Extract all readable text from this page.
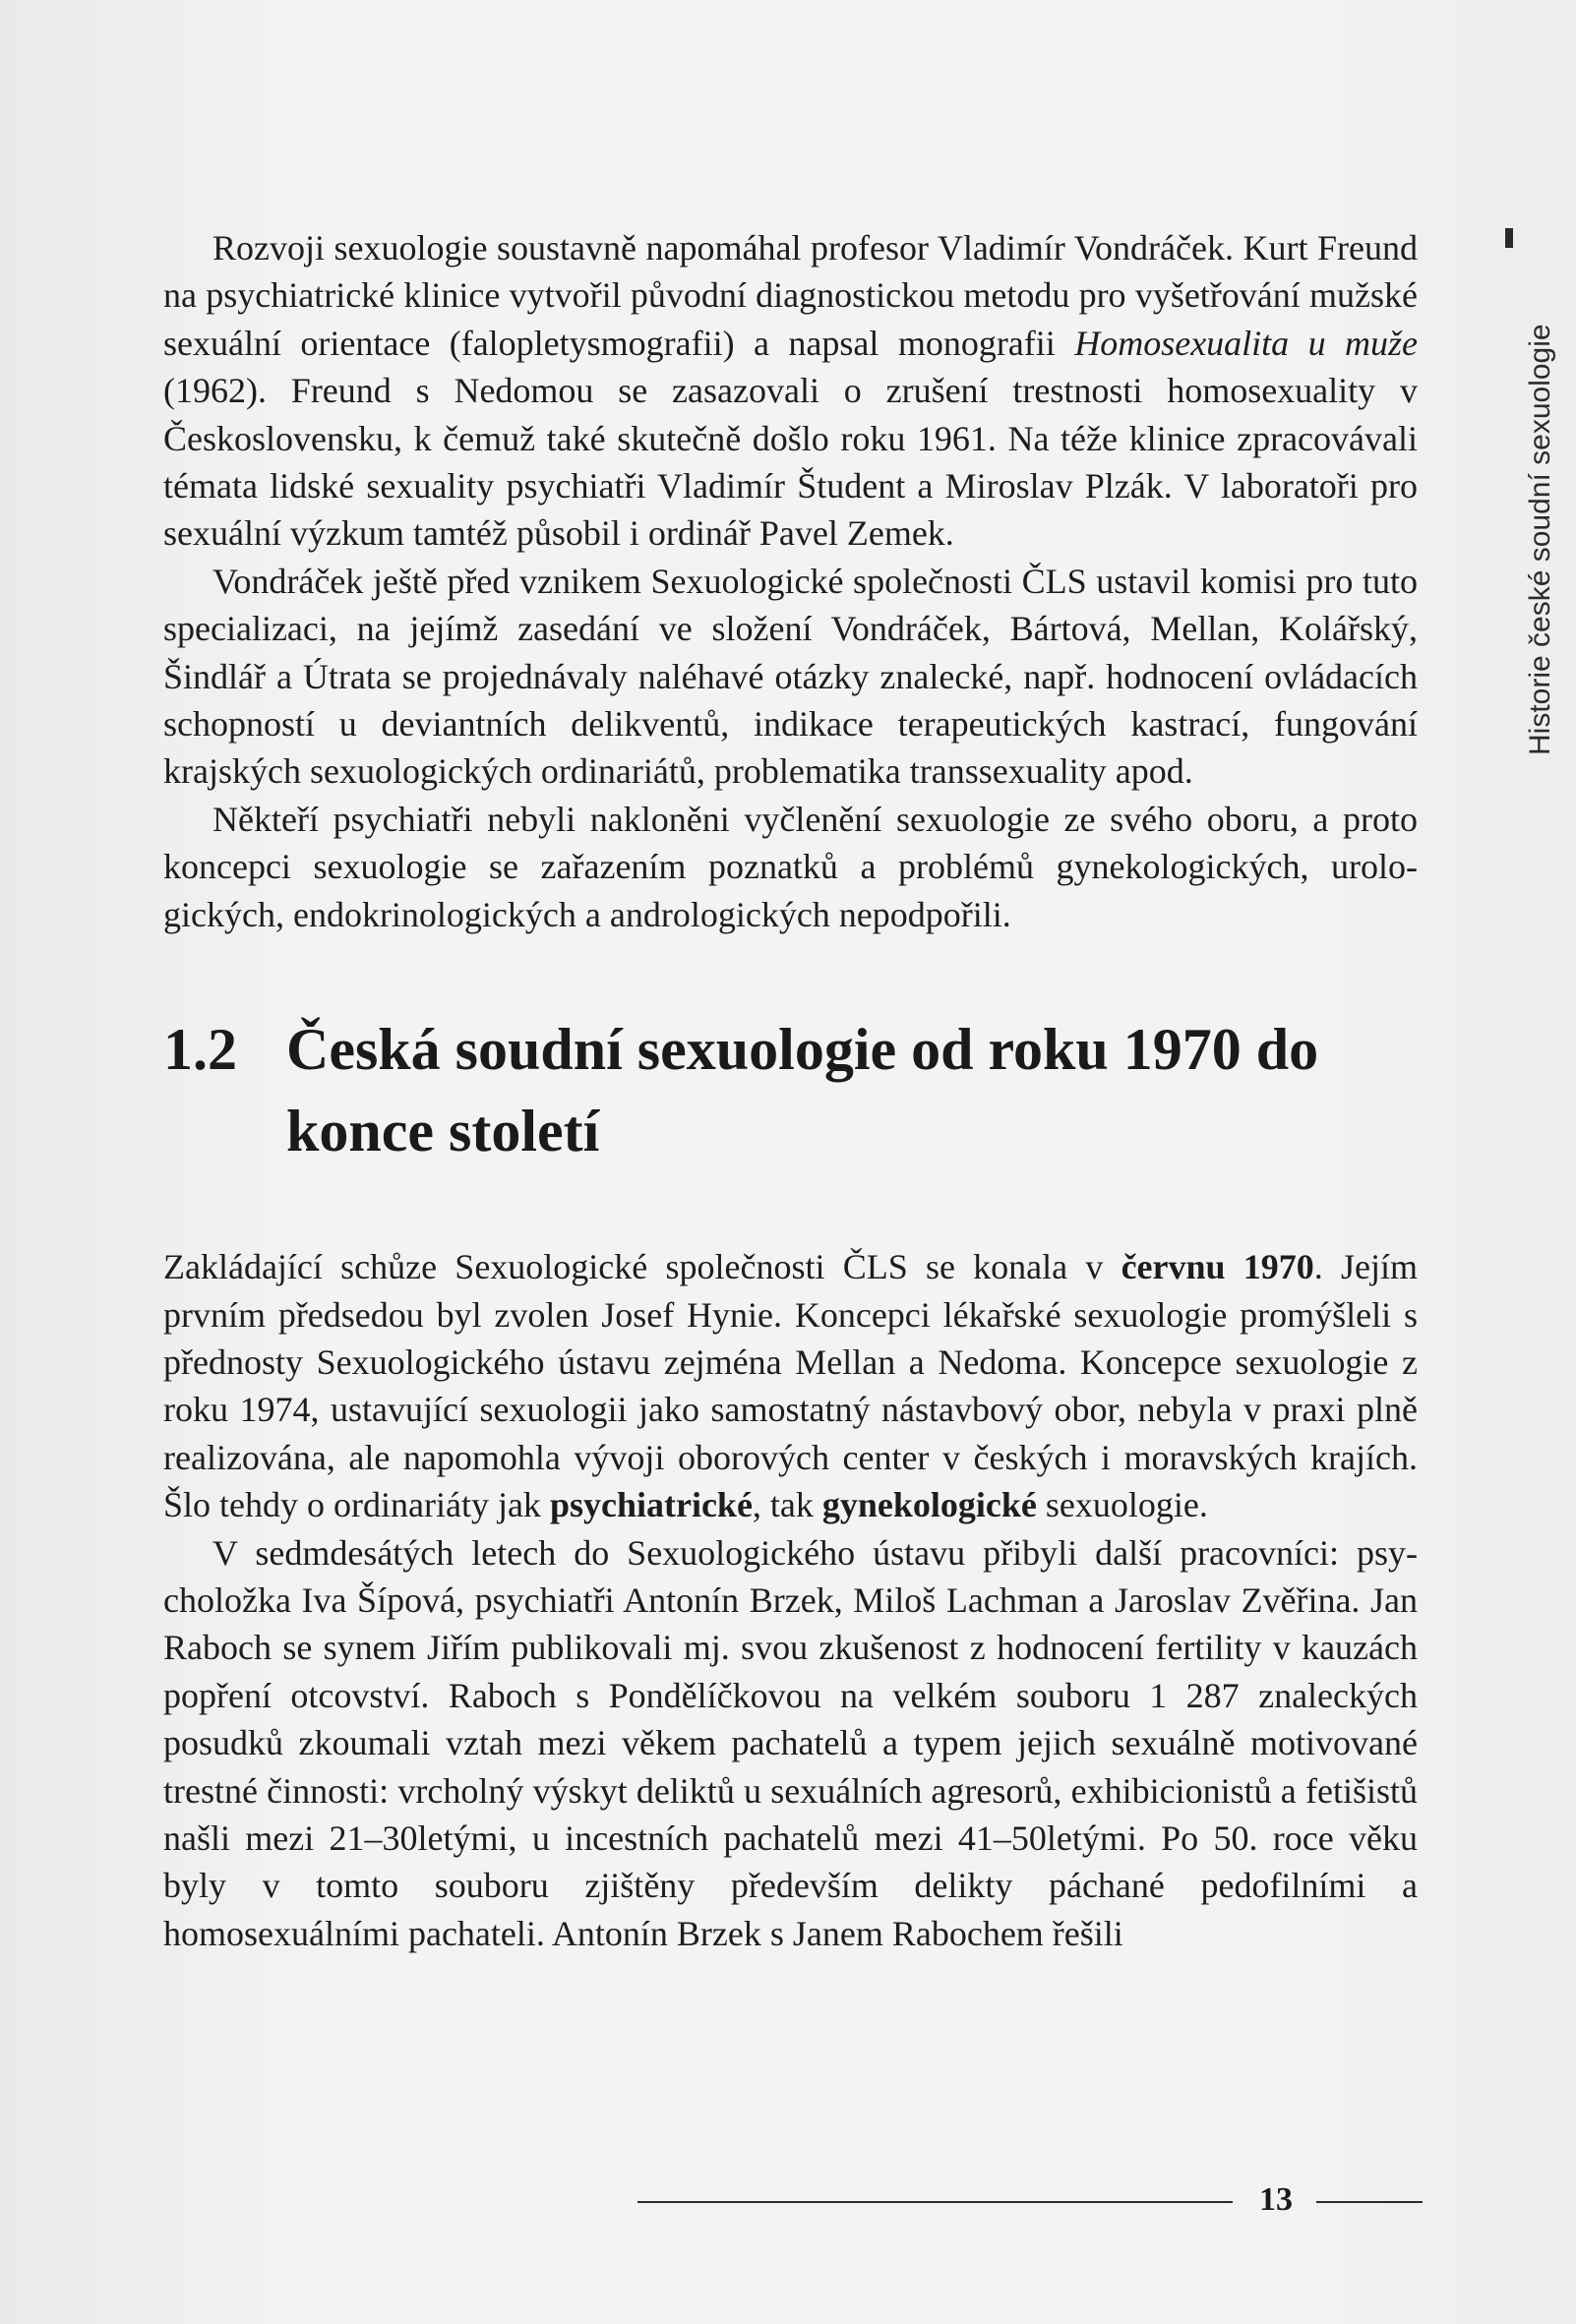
Historie české soudní sexuologie

Rozvoji sexuologie soustavně napomáhal profesor Vladimír Vondráček. Kurt Freund na psychiatrické klinice vytvořil původní diagnostickou metodu pro vyšetřování mužské sexuální orientace (falopletysmografii) a napsal monografii Homosexualita u muže (1962). Freund s Nedomou se zasazovali o zrušení trestnosti homosexuality v Československu, k čemuž také skutečně došlo roku 1961. Na téže klinice zpracovávali témata lidské sexuality psychiatři Vladimír Študent a Miroslav Plzák. V laboratoři pro sexuální výzkum tamtéž působil i ordinář Pavel Zemek.

Vondráček ještě před vznikem Sexuologické společnosti ČLS ustavil komisi pro tuto specializaci, na jejímž zasedání ve složení Vondráček, Bártová, Mellan, Kolářský, Šindlář a Útrata se projednávaly naléhavé otázky znalecké, např. hodnocení ovládacích schopností u deviantních delikventů, indikace terapeutických kastrací, fungování krajských sexuologických ordinariátů, problematika transsexuality apod.

Někteří psychiatři nebyli nakloněni vyčlenění sexuologie ze svého oboru, a proto koncepci sexuologie se zařazením poznatků a problémů gynekologických, urologických, endokrinologických a andrologických nepodpořili.

1.2 Česká soudní sexuologie od roku 1970 do konce století

Zakládající schůze Sexuologické společnosti ČLS se konala v červnu 1970. Jejím prvním předsedou byl zvolen Josef Hynie. Koncepci lékařské sexuologie promýšleli s přednosty Sexuologického ústavu zejména Mellan a Nedoma. Koncepce sexuologie z roku 1974, ustavující sexuologii jako samostatný nástavbový obor, nebyla v praxi plně realizována, ale napomohla vývoji oborových center v českých i moravských krajích. Šlo tehdy o ordinariáty jak psychiatrické, tak gynekologické sexuologie.

V sedmdesátých letech do Sexuologického ústavu přibyli další pracovníci: psycholožka Iva Šípová, psychiatři Antonín Brzek, Miloš Lachman a Jaroslav Zvěřina. Jan Raboch se synem Jiřím publikovali mj. svou zkušenost z hodnocení fertility v kauzách popření otcovství. Raboch s Pondělíčkovou na velkém souboru 1 287 znaleckých posudků zkoumali vztah mezi věkem pachatelů a typem jejich sexuálně motivované trestné činnosti: vrcholný výskyt deliktů u sexuálních agresorů, exhibicionistů a fetišistů našli mezi 21–30letými, u incestních pachatelů mezi 41–50letými. Po 50. roce věku byly v tomto souboru zjištěny především delikty páchané pedofilními a homosexuálními pachateli. Antonín Brzek s Janem Rabochem řešili

13
